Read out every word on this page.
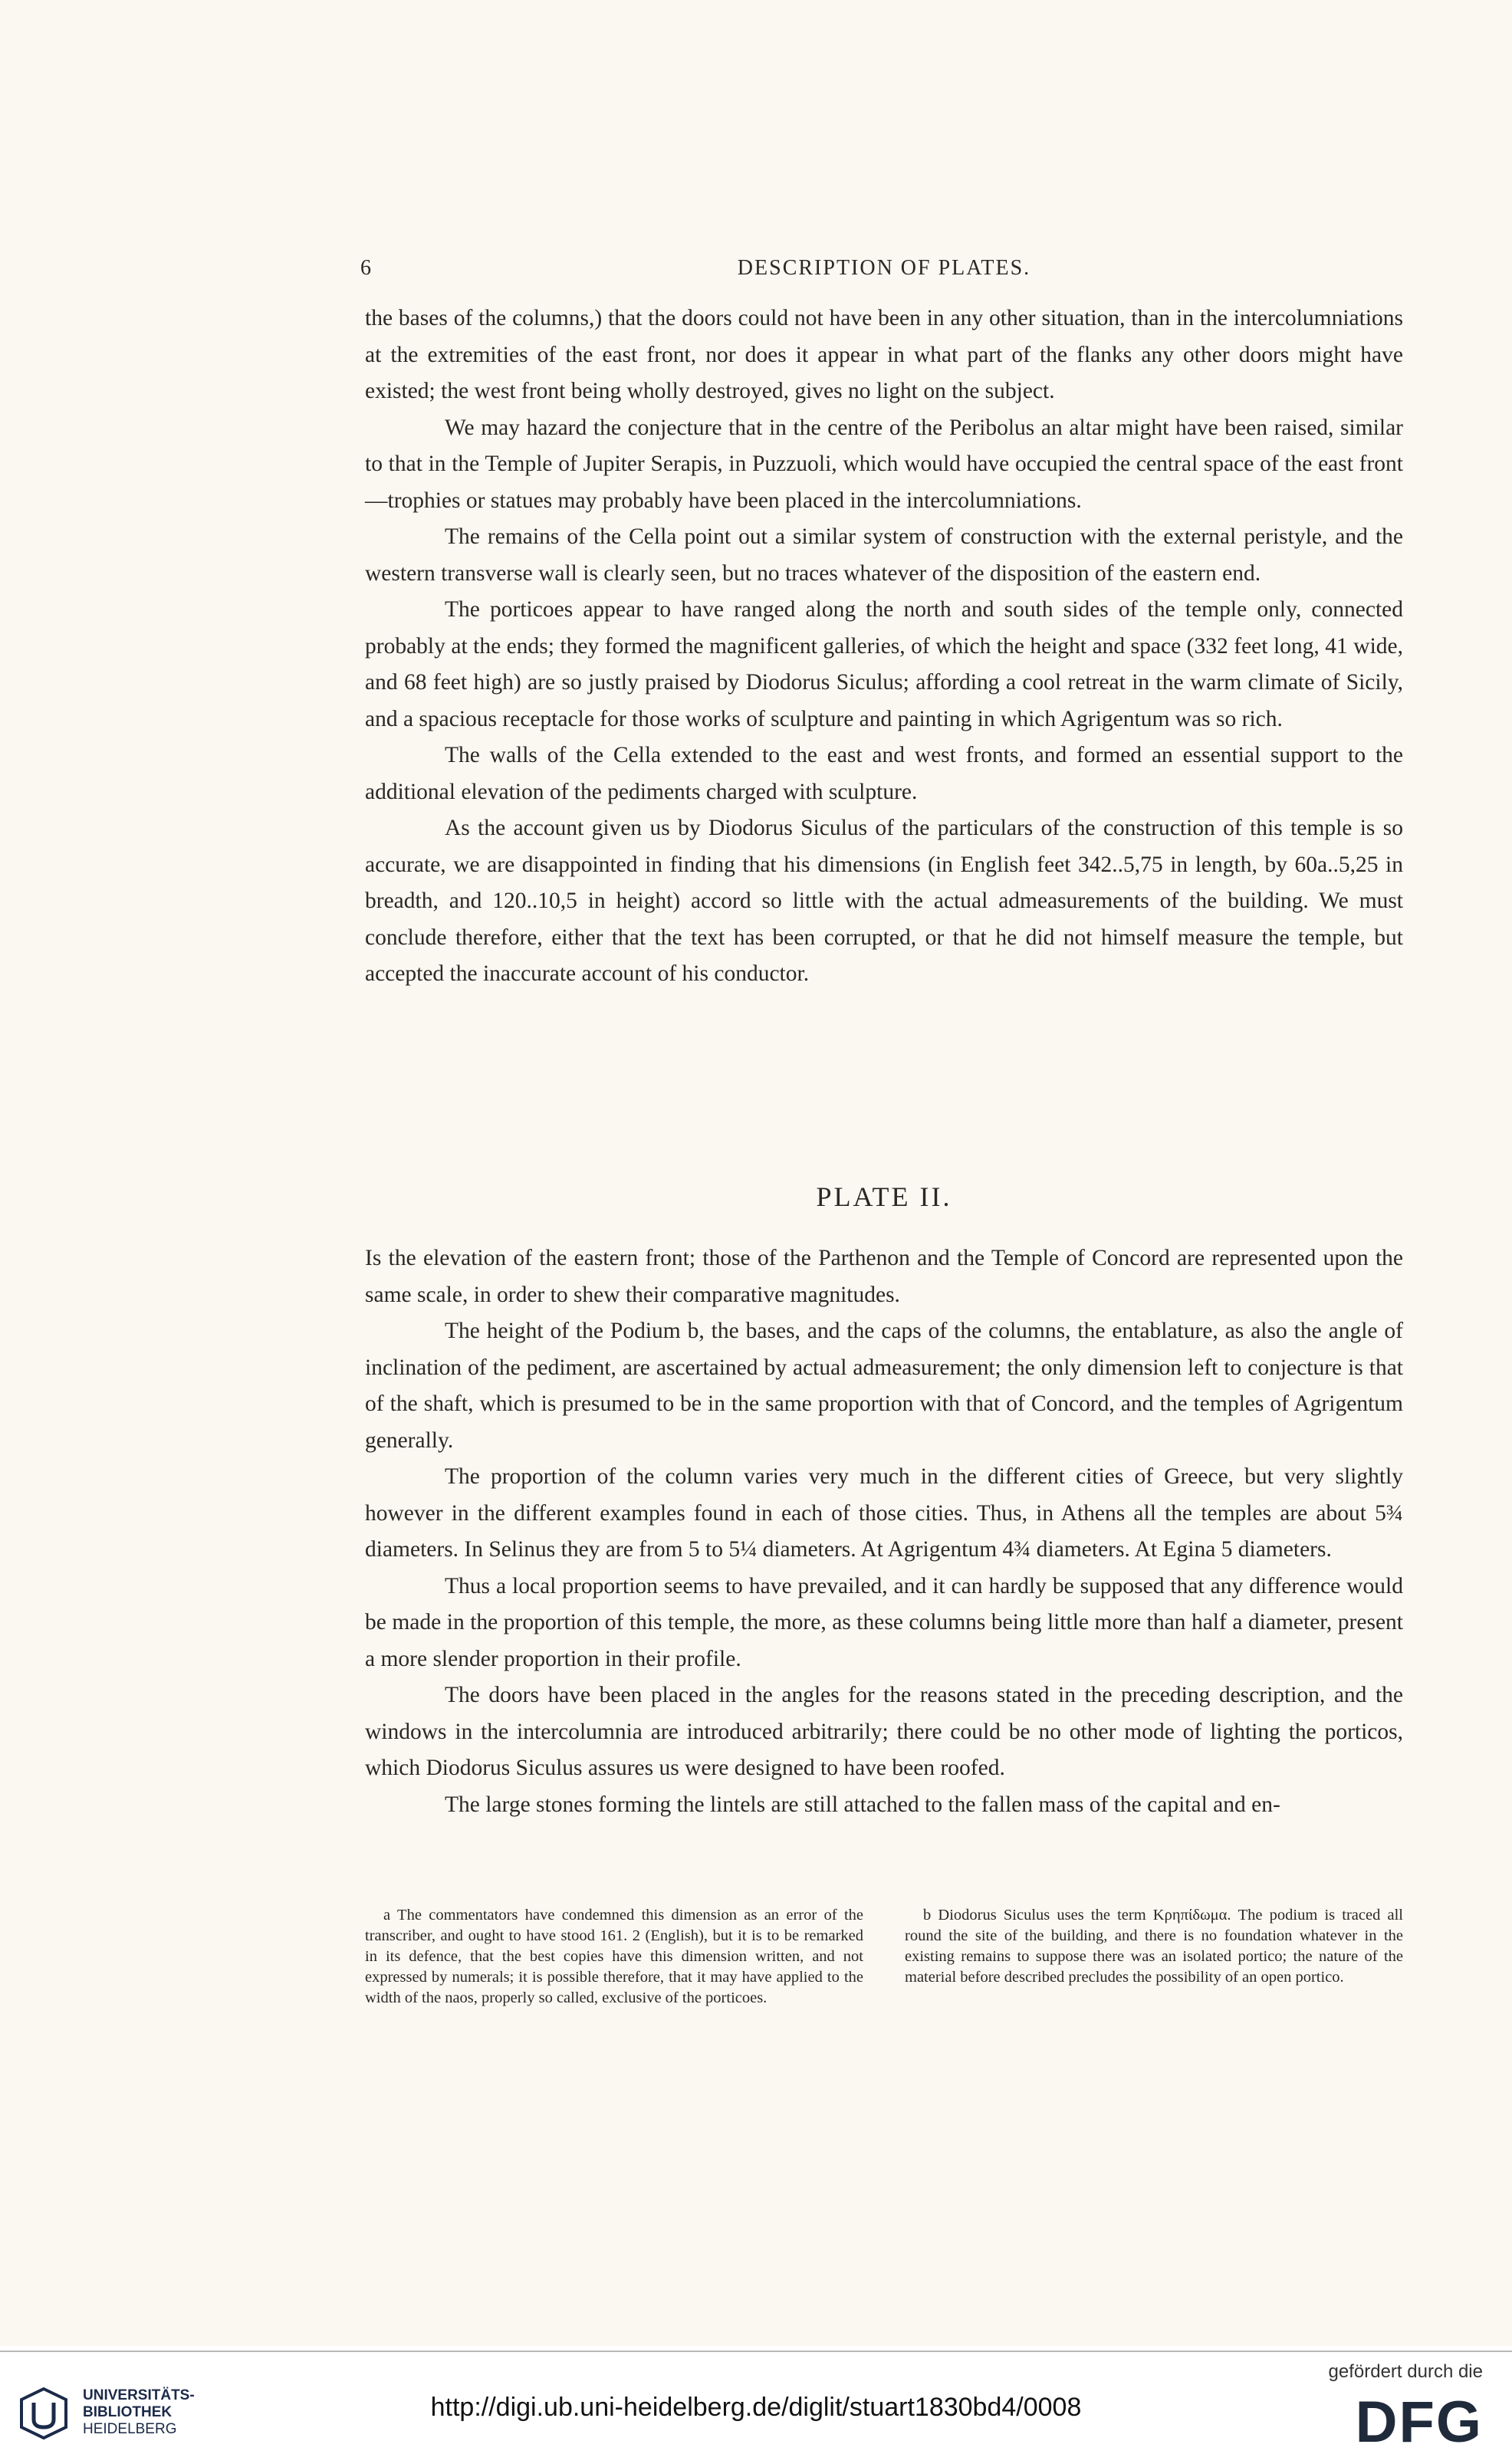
6	DESCRIPTION OF PLATES.

the bases of the columns,) that the doors could not have been in any other situation, than in the intercolumniations at the extremities of the east front, nor does it appear in what part of the flanks any other doors might have existed; the west front being wholly destroyed, gives no light on the subject.

We may hazard the conjecture that in the centre of the Peribolus an altar might have been raised, similar to that in the Temple of Jupiter Serapis, in Puzzuoli, which would have occupied the central space of the east front—trophies or statues may probably have been placed in the intercolumniations.

The remains of the Cella point out a similar system of construction with the external peristyle, and the western transverse wall is clearly seen, but no traces whatever of the disposition of the eastern end.

The porticoes appear to have ranged along the north and south sides of the temple only, connected probably at the ends; they formed the magnificent galleries, of which the height and space (332 feet long, 41 wide, and 68 feet high) are so justly praised by Diodorus Siculus; affording a cool retreat in the warm climate of Sicily, and a spacious receptacle for those works of sculpture and painting in which Agrigentum was so rich.

The walls of the Cella extended to the east and west fronts, and formed an essential support to the additional elevation of the pediments charged with sculpture.

As the account given us by Diodorus Siculus of the particulars of the construction of this temple is so accurate, we are disappointed in finding that his dimensions (in English feet 342..5,75 in length, by 60a..5,25 in breadth, and 120..10,5 in height) accord so little with the actual admeasurements of the building. We must conclude therefore, either that the text has been corrupted, or that he did not himself measure the temple, but accepted the inaccurate account of his conductor.

PLATE II.

Is the elevation of the eastern front; those of the Parthenon and the Temple of Concord are represented upon the same scale, in order to shew their comparative magnitudes.

The height of the Podium b, the bases, and the caps of the columns, the entablature, as also the angle of inclination of the pediment, are ascertained by actual admeasurement; the only dimension left to conjecture is that of the shaft, which is presumed to be in the same proportion with that of Concord, and the temples of Agrigentum generally.

The proportion of the column varies very much in the different cities of Greece, but very slightly however in the different examples found in each of those cities. Thus, in Athens all the temples are about 5¾ diameters. In Selinus they are from 5 to 5¼ diameters. At Agrigentum 4¾ diameters. At Egina 5 diameters.

Thus a local proportion seems to have prevailed, and it can hardly be supposed that any difference would be made in the proportion of this temple, the more, as these columns being little more than half a diameter, present a more slender proportion in their profile.

The doors have been placed in the angles for the reasons stated in the preceding description, and the windows in the intercolumnia are introduced arbitrarily; there could be no other mode of lighting the porticos, which Diodorus Siculus assures us were designed to have been roofed.

The large stones forming the lintels are still attached to the fallen mass of the capital and en-

a The commentators have condemned this dimension as an error of the transcriber, and ought to have stood 161. 2 (English), but it is to be remarked in its defence, that the best copies have this dimension written, and not expressed by numerals; it is possible therefore, that it may have applied to the width of the naos, properly so called, exclusive of the porticoes.

b Diodorus Siculus uses the term Κρηπίδωμα. The podium is traced all round the site of the building, and there is no foundation whatever in the existing remains to suppose there was an isolated portico; the nature of the material before described precludes the possibility of an open portico.

UNIVERSITÄTS-
BIBLIOTHEK
HEIDELBERG
http://digi.ub.uni-heidelberg.de/diglit/stuart1830bd4/0008
gefördert durch die
DFG
